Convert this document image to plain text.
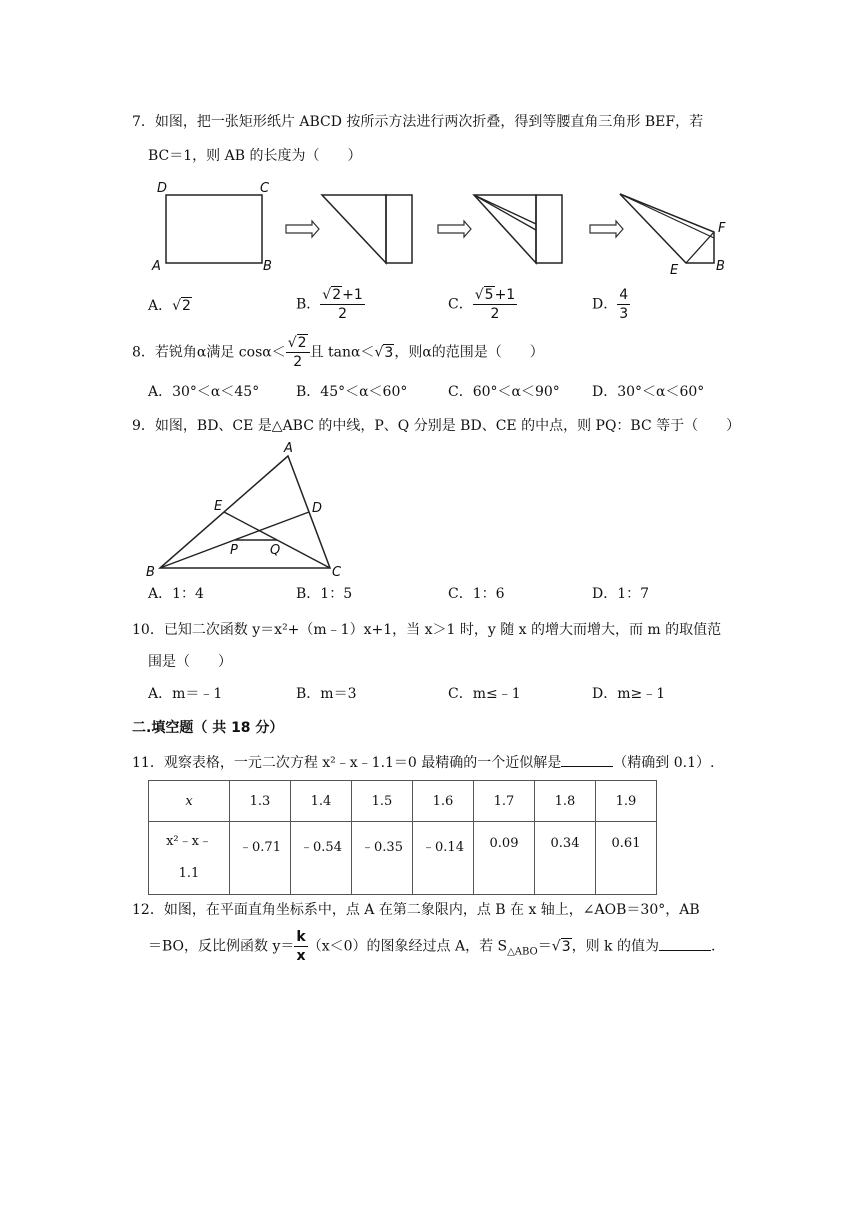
7．如图，把一张矩形纸片 ABCD 按所示方法进行两次折叠，得到等腰直角三角形 BEF，若
BC＝1，则 AB 的长度为（　　）
D	C
A	B
F
E	B
A．√2	B． $\frac{√2+1}{2}$	C． $\frac{√5+1}{2}$	D． $\frac{4}{3}$
8．若锐角α满足 $\cos\alpha< \frac{√2}{2}$ 且 tanα＜√3，则α的范围是（　　）
A．30°＜α＜45°	B．45°＜α＜60°	C．60°＜α＜90° D．30°＜α＜60°
9．如图，BD、CE 是△ABC 的中线，P、Q 分别是 BD、CE 的中点，则 PQ：BC 等于（　　）
A
E	D
P Q
B	C
A．1：4	B．1：5	C．1：6	D．1：7
10．已知二次函数 y＝x²+（m﹣1）x+1，当 x＞1 时，y 随 x 的增大而增大，而 m 的取值范
围是（　　）
A．m＝﹣1	B．m＝3	C．m≤﹣1	D．m≥﹣1
二.填空题（ 共 18 分）
11．观察表格，一元二次方程 x²﹣x﹣1.1＝0 最精确的一个近似解是	（精确到 0.1）.
x	1.3	1.4	1.5	1.6	1.7	1.8	1.9
x²﹣x﹣
1.1	﹣0.71	﹣0.54	﹣0.35	﹣0.14	0.09	0.34	0.61
12．如图，在平面直角坐标系中，点 A 在第二象限内，点 B 在 x 轴上，∠AOB＝30°，AB
＝BO，反比例函数 $y= \frac{k}{x} (x<0)$的图象经过点 A，若 $S_{\triangle ABO}=√3$，则 k 的值为	.
